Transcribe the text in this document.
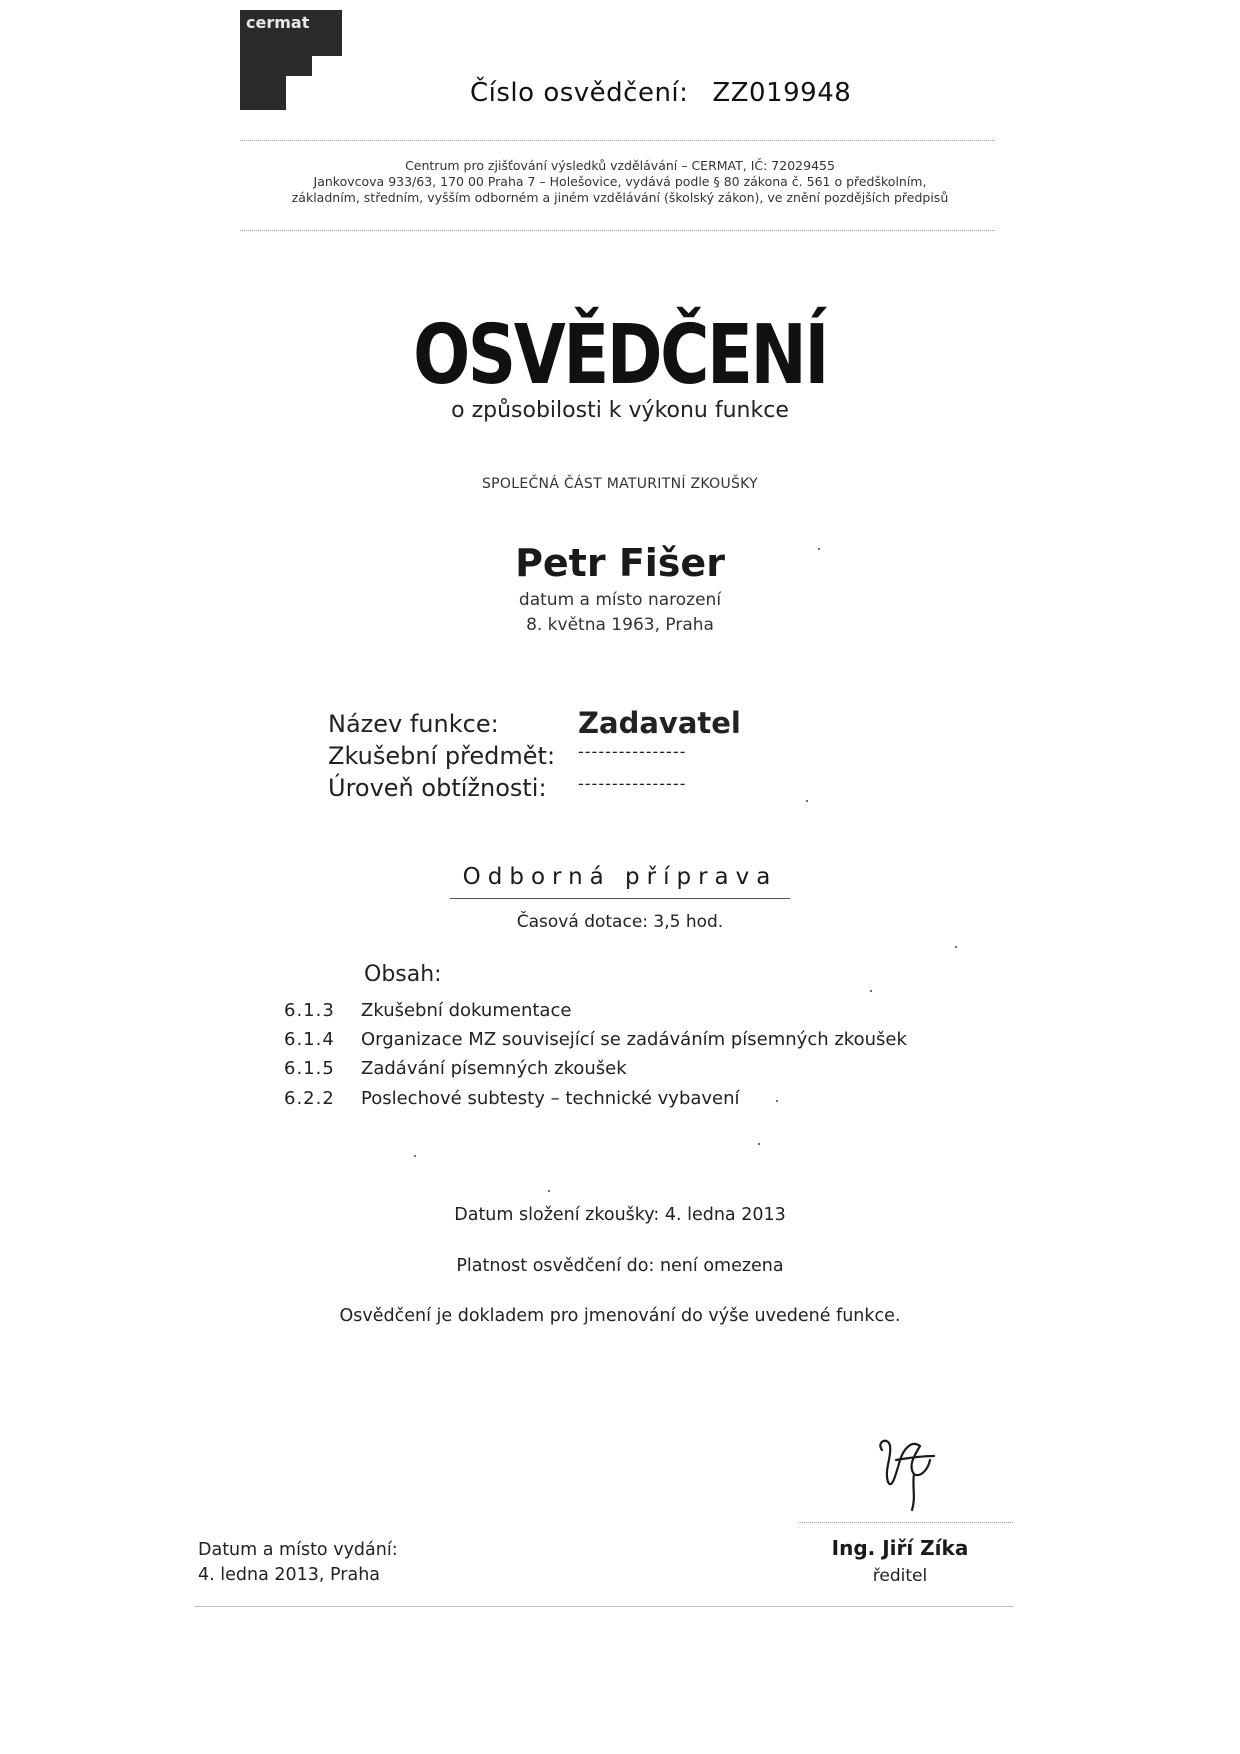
cermat
Číslo osvědčení: ZZ019948
Centrum pro zjišťování výsledků vzdělávání – CERMAT, IČ: 72029455
Jankovcova 933/63, 170 00 Praha 7 – Holešovice, vydává podle § 80 zákona č. 561 o předškolním,
základním, středním, vyšším odborném a jiném vzdělávání (školský zákon), ve znění pozdějších předpisů
OSVĚDČENÍ
o způsobilosti k výkonu funkce
SPOLEČNÁ ČÁST MATURITNÍ ZKOUŠKY
Petr Fišer
datum a místo narození
8. května 1963, Praha
Název funkce:	Zadavatel
Zkušební předmět: ----------------
Úroveň obtížnosti: ----------------
Odborná příprava
Časová dotace: 3,5 hod.
Obsah:
6.1.3 Zkušební dokumentace
6.1.4 Organizace MZ související se zadáváním písemných zkoušek
6.1.5 Zadávání písemných zkoušek
6.2.2 Poslechové subtesty – technické vybavení
Datum složení zkoušky: 4. ledna 2013
Platnost osvědčení do: není omezena
Osvědčení je dokladem pro jmenování do výše uvedené funkce.
Datum a místo vydání:
4. ledna 2013, Praha
Ing. Jiří Zíka
ředitel
